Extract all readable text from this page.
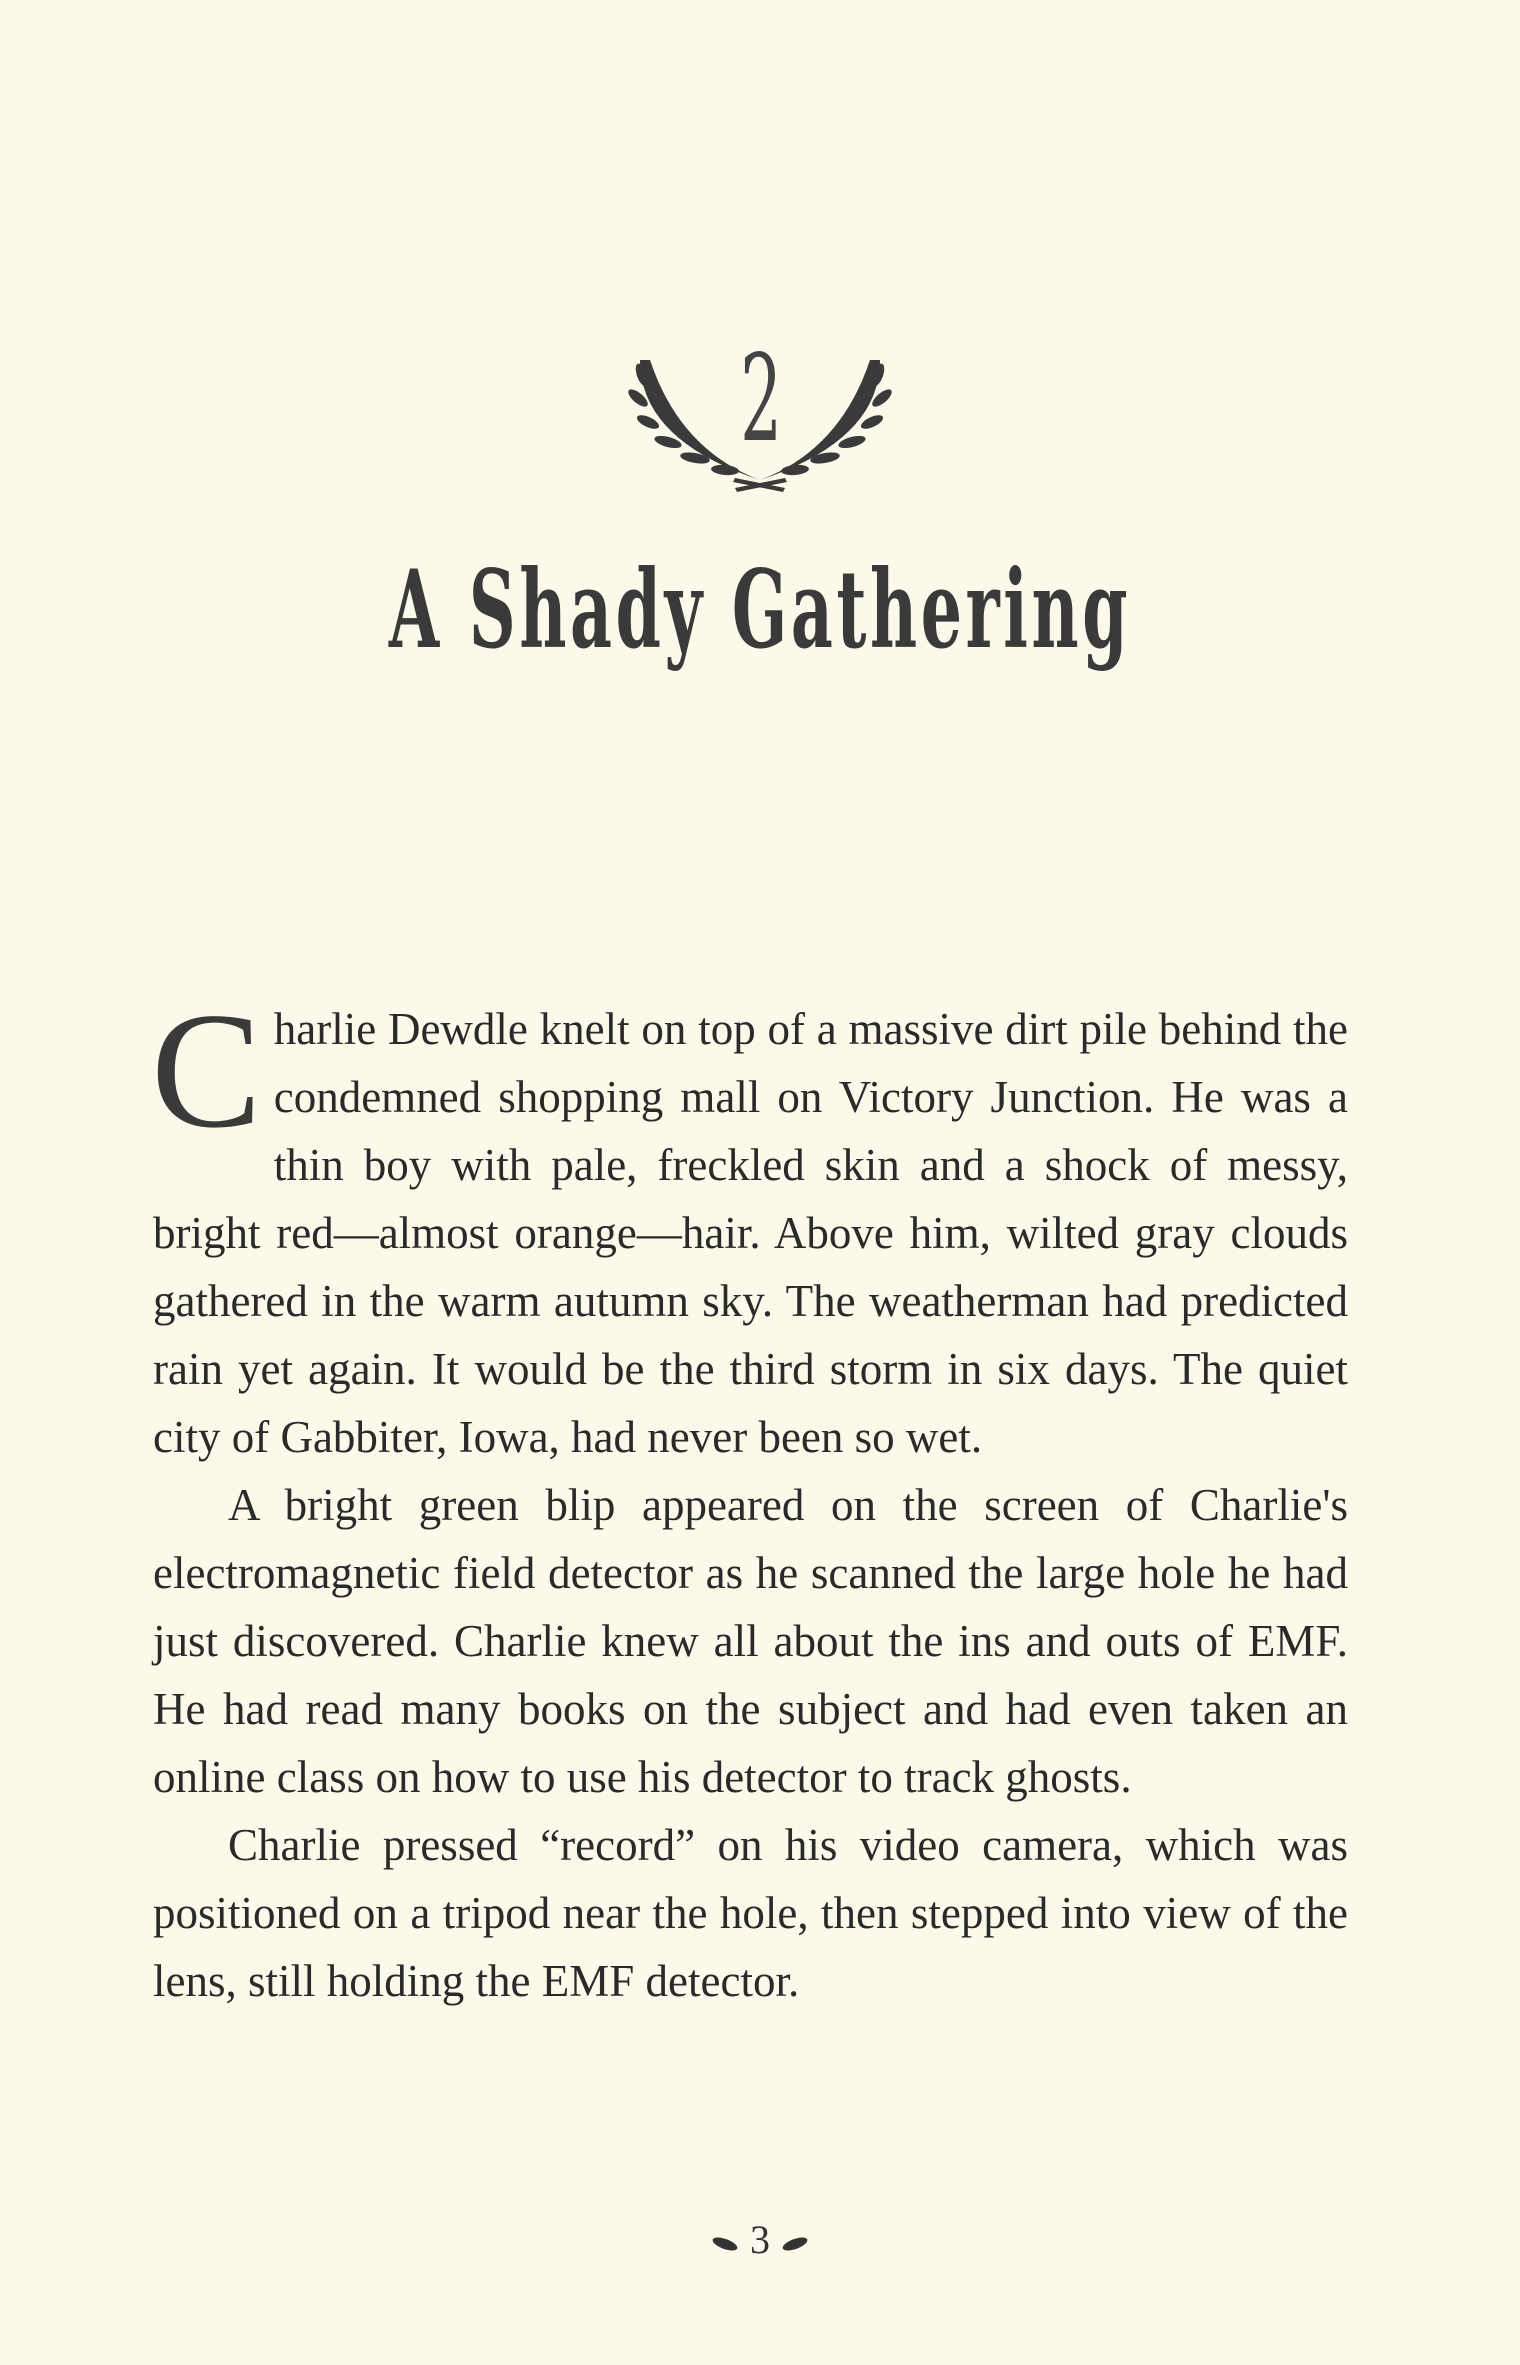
2
A Shady Gathering

Charlie Dewdle knelt on top of a massive dirt pile behind the condemned shopping mall on Victory Junction. He was a thin boy with pale, freckled skin and a shock of messy, bright red—almost orange—hair. Above him, wilted gray clouds gathered in the warm autumn sky. The weatherman had predicted rain yet again. It would be the third storm in six days. The quiet city of Gabbiter, Iowa, had never been so wet.

A bright green blip appeared on the screen of Charlie's electromagnetic field detector as he scanned the large hole he had just discovered. Charlie knew all about the ins and outs of EMF. He had read many books on the subject and had even taken an online class on how to use his detector to track ghosts.

Charlie pressed “record” on his video camera, which was positioned on a tripod near the hole, then stepped into view of the lens, still holding the EMF detector.

3
